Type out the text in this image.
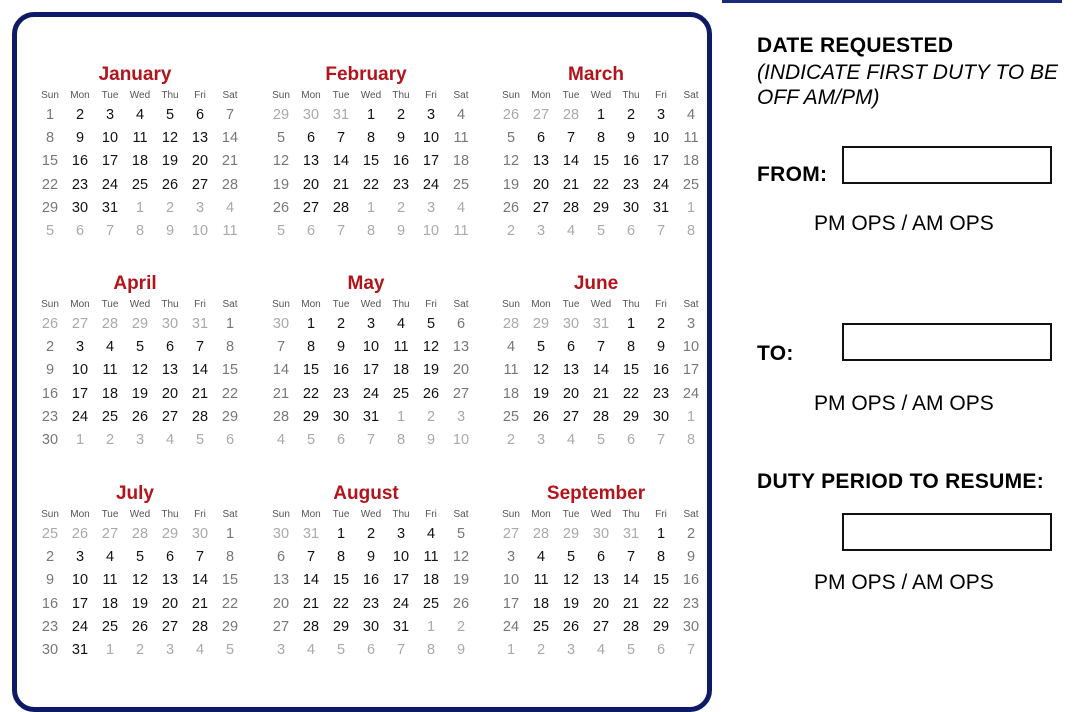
January
Sun	Mon	Tue	Wed	Thu	Fri	Sat
1	2	3	4	5	6	7
8	9	10 11 12 13 14
15 16 17 18 19 20 21
22 23 24 25 26 27 28
29 30 31	1	2	3	4
5	6	7	8	9	10 11
February
Sun	Mon	Tue	Wed	Thu	Fri	Sat
29 30 31	1	2	3	4
5	6	7	8	9	10 11
12 13 14 15 16 17 18
19 20 21 22 23 24 25
26 27 28	1	2	3	4
5	6	7	8	9	10 11
March
Sun	Mon	Tue	Wed	Thu	Fri	Sat
26 27 28	1	2	3	4
5	6	7	8	9	10 11
12 13 14 15 16 17 18
19 20 21 22 23 24 25
26 27 28 29 30 31	1
2	3	4	5	6	7	8
April
Sun	Mon	Tue	Wed	Thu	Fri	Sat
26 27 28 29 30 31	1
2	3	4	5	6	7	8
9	10 11 12 13 14 15
16 17 18 19 20 21 22
23 24 25 26 27 28 29
30	1	2	3	4	5	6
May
Sun	Mon	Tue	Wed	Thu	Fri	Sat
30	1	2	3	4	5	6
7	8	9	10 11 12 13
14 15 16 17 18 19 20
21 22 23 24 25 26 27
28 29 30 31	1	2	3
4	5	6	7	8	9	10
June
Sun	Mon	Tue	Wed	Thu	Fri	Sat
28 29 30 31	1	2	3
4	5	6	7	8	9	10
11 12 13 14 15 16 17
18 19 20 21 22 23 24
25 26 27 28 29 30	1
2	3	4	5	6	7	8
July
Sun	Mon	Tue	Wed	Thu	Fri	Sat
25 26 27 28 29 30	1
2	3	4	5	6	7	8
9	10 11 12 13 14 15
16 17 18 19 20 21 22
23 24 25 26 27 28 29
30 31	1	2	3	4	5
August
Sun	Mon	Tue	Wed	Thu	Fri	Sat
30 31	1	2	3	4	5
6	7	8	9	10 11 12
13 14 15 16 17 18 19
20 21 22 23 24 25 26
27 28 29 30 31	1	2
3	4	5	6	7	8	9
September
Sun	Mon	Tue	Wed	Thu	Fri	Sat
27 28 29 30 31	1	2
3	4	5	6	7	8	9
10 11 12 13 14 15 16
17 18 19 20 21 22 23
24 25 26 27 28 29 30
1	2	3	4	5	6	7
DATE REQUESTED
(INDICATE FIRST DUTY TO BE OFF AM/PM)
FROM:
PM OPS / AM OPS
TO:
PM OPS / AM OPS
DUTY PERIOD TO RESUME:
PM OPS / AM OPS
